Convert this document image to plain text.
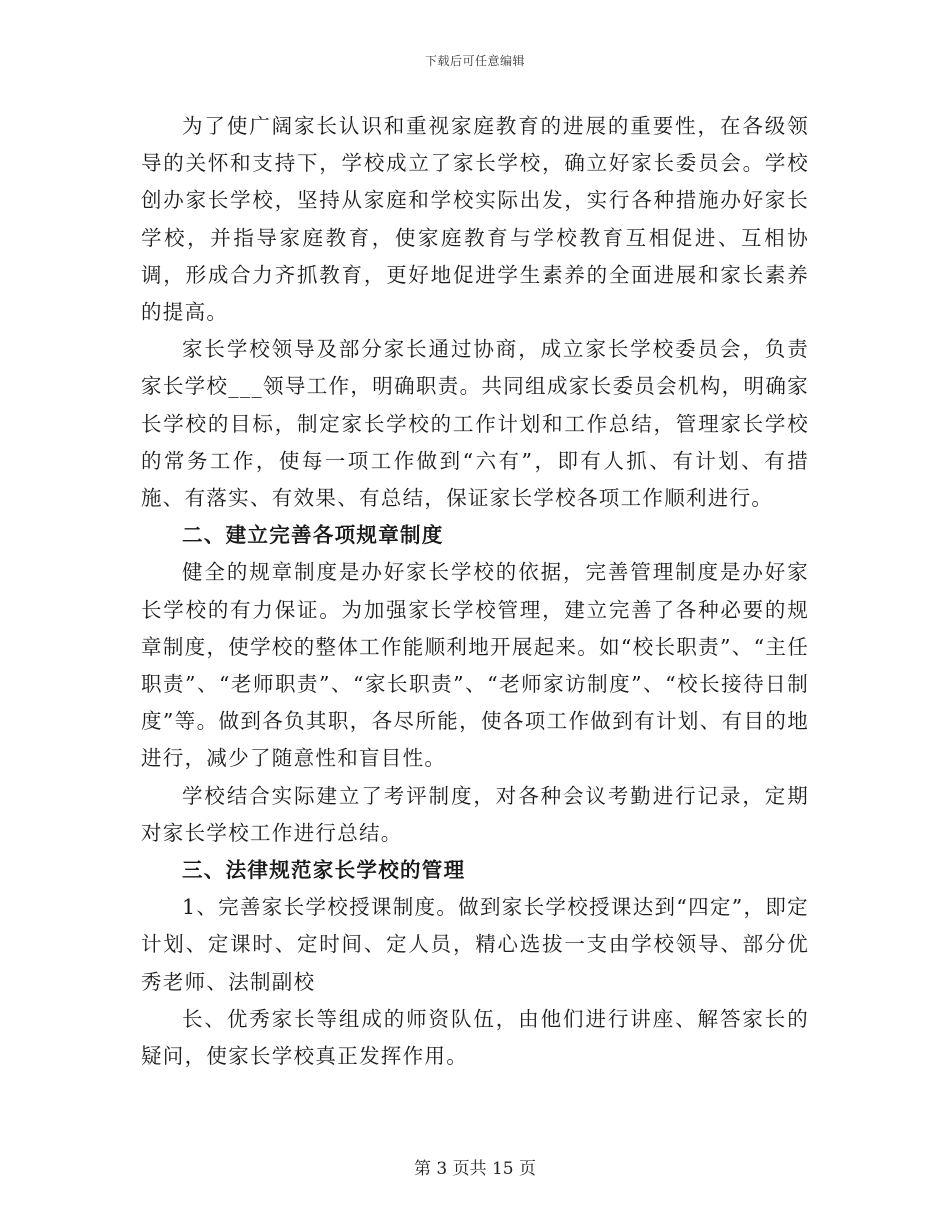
下载后可任意编辑

为了使广阔家长认识和重视家庭教育的进展的重要性，在各级领导的关怀和支持下，学校成立了家长学校，确立好家长委员会。学校创办家长学校，坚持从家庭和学校实际出发，实行各种措施办好家长学校，并指导家庭教育，使家庭教育与学校教育互相促进、互相协调，形成合力齐抓教育，更好地促进学生素养的全面进展和家长素养的提高。

家长学校领导及部分家长通过协商，成立家长学校委员会，负责家长学校___领导工作，明确职责。共同组成家长委员会机构，明确家长学校的目标，制定家长学校的工作计划和工作总结，管理家长学校的常务工作，使每一项工作做到“六有”，即有人抓、有计划、有措施、有落实、有效果、有总结，保证家长学校各项工作顺利进行。

二、建立完善各项规章制度

健全的规章制度是办好家长学校的依据，完善管理制度是办好家长学校的有力保证。为加强家长学校管理，建立完善了各种必要的规章制度，使学校的整体工作能顺利地开展起来。如“校长职责”、“主任职责”、“老师职责”、“家长职责”、“老师家访制度”、“校长接待日制度”等。做到各负其职，各尽所能，使各项工作做到有计划、有目的地进行，减少了随意性和盲目性。

学校结合实际建立了考评制度，对各种会议考勤进行记录，定期对家长学校工作进行总结。

三、法律规范家长学校的管理

1、完善家长学校授课制度。做到家长学校授课达到“四定”，即定计划、定课时、定时间、定人员，精心选拔一支由学校领导、部分优秀老师、法制副校

长、优秀家长等组成的师资队伍，由他们进行讲座、解答家长的疑问，使家长学校真正发挥作用。

第 3 页共 15 页
